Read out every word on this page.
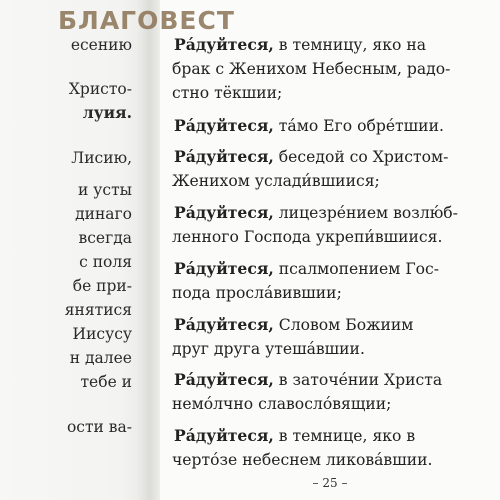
есению
Христо-
луия.
Лисию,
и усты
динаго
всегда
с поля
бе при-
янятися
Иисусу
н далее
тебе и
ости ва-
БЛАГОВЕСТ
Ра́дуйтеся, в темницу, яко на
брак с Женихом Небесным, радо-
стно тёкшии;
Ра́дуйтеся, та́мо Его обре́тшии.
Ра́дуйтеся, беседой со Христом-
Женихом услади́вшиися;
Ра́дуйтеся, лицезре́нием возлю́б-
ленного Господа укрепи́вшиися.
Ра́дуйтеся, псалмопением Гос-
пода просла́вившии;
Ра́дуйтеся, Словом Божиим
друг друга утеша́вшии.
Ра́дуйтеся, в заточе́нии Христа
немо́лчно славосло́вящии;
Ра́дуйтеся, в темнице, яко в
черто́зе небеснем ликова́вшии.
– 25 –
